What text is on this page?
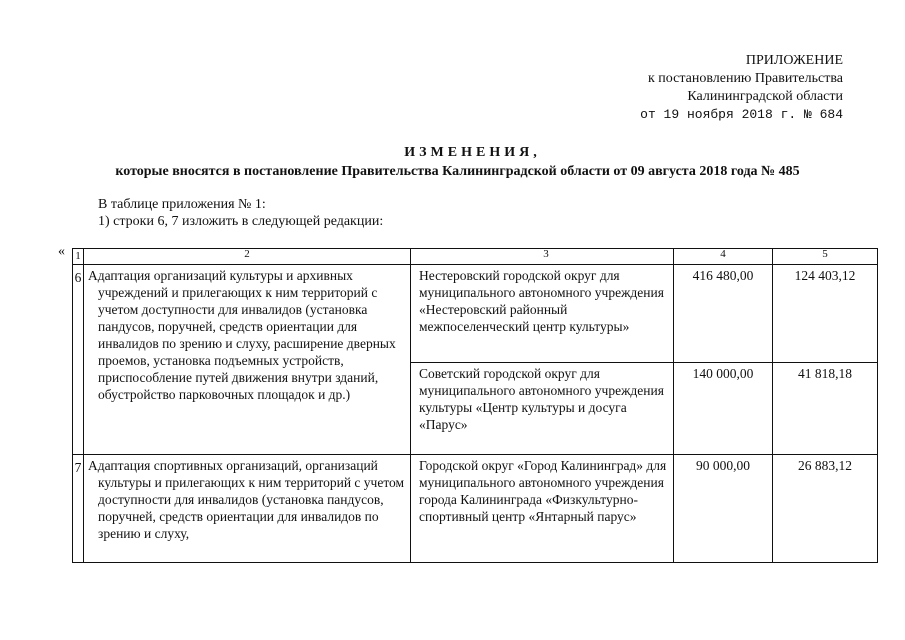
ПРИЛОЖЕНИЕ
к постановлению Правительства
Калининградской области
от 19 ноября 2018 г. № 684
ИЗМЕНЕНИЯ,
которые вносятся в постановление Правительства Калининградской области от 09 августа 2018 года № 485
В таблице приложения № 1:
1) строки 6, 7 изложить в следующей редакции:
« 1	2	3	4	5

6	Адаптация организаций культуры и архивных учреждений и прилегающих к ним территорий с учетом доступности для инвалидов (установка пандусов, поручней, средств ориентации для инвалидов по зрению и слуху, расширение дверных проемов, установка подъемных устройств, приспособление путей движения внутри зданий, обустройство парковочных площадок и др.)	Нестеровский городской округ для муниципального автономного учреждения «Нестеровский районный межпоселенческий центр культуры»	416 480,00	124 403,12

		Советский городской округ для муниципального автономного учреждения культуры «Центр культуры и досуга «Парус»	140 000,00	41 818,18

7	Адаптация спортивных организаций, организаций культуры и прилегающих к ним территорий с учетом доступности для инвалидов (установка пандусов, поручней, средств ориентации для инвалидов по зрению и слуху,	Городской округ «Город Калининград» для муниципального автономного учреждения города Калининграда «Физкультурно-спортивный центр «Янтарный парус»	90 000,00	26 883,12
